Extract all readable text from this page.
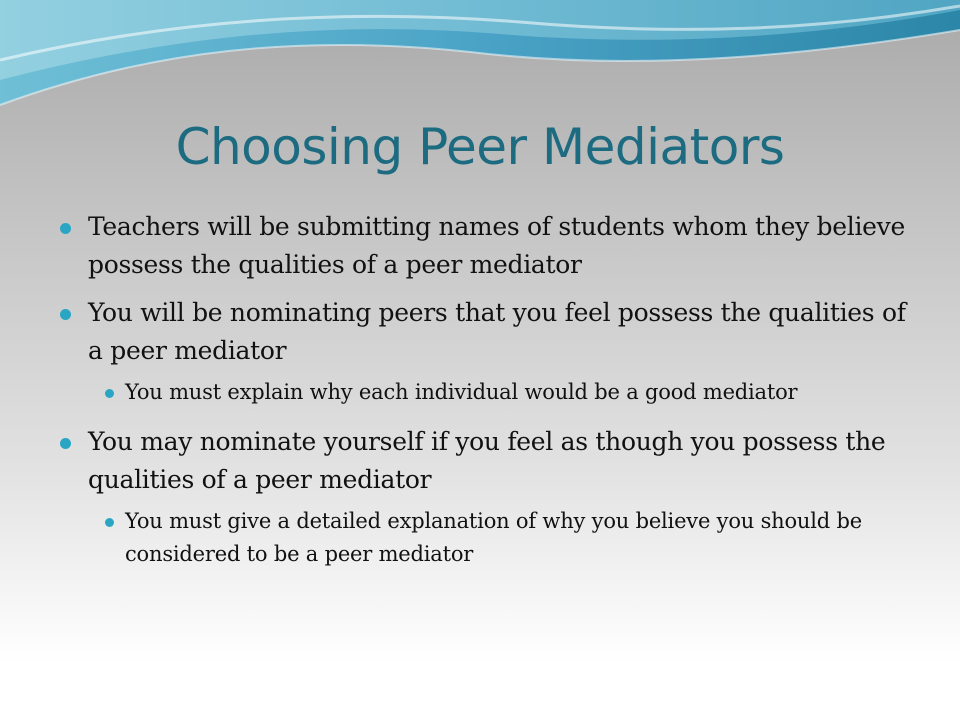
Choosing Peer Mediators
Teachers will be submitting names of students whom they believe possess the qualities of a peer mediator
You will be nominating peers that you feel possess the qualities of a peer mediator
You must explain why each individual would be a good mediator
You may nominate yourself if you feel as though you possess the qualities of a peer mediator
You must give a detailed explanation of why you believe you should be considered to be a peer mediator
